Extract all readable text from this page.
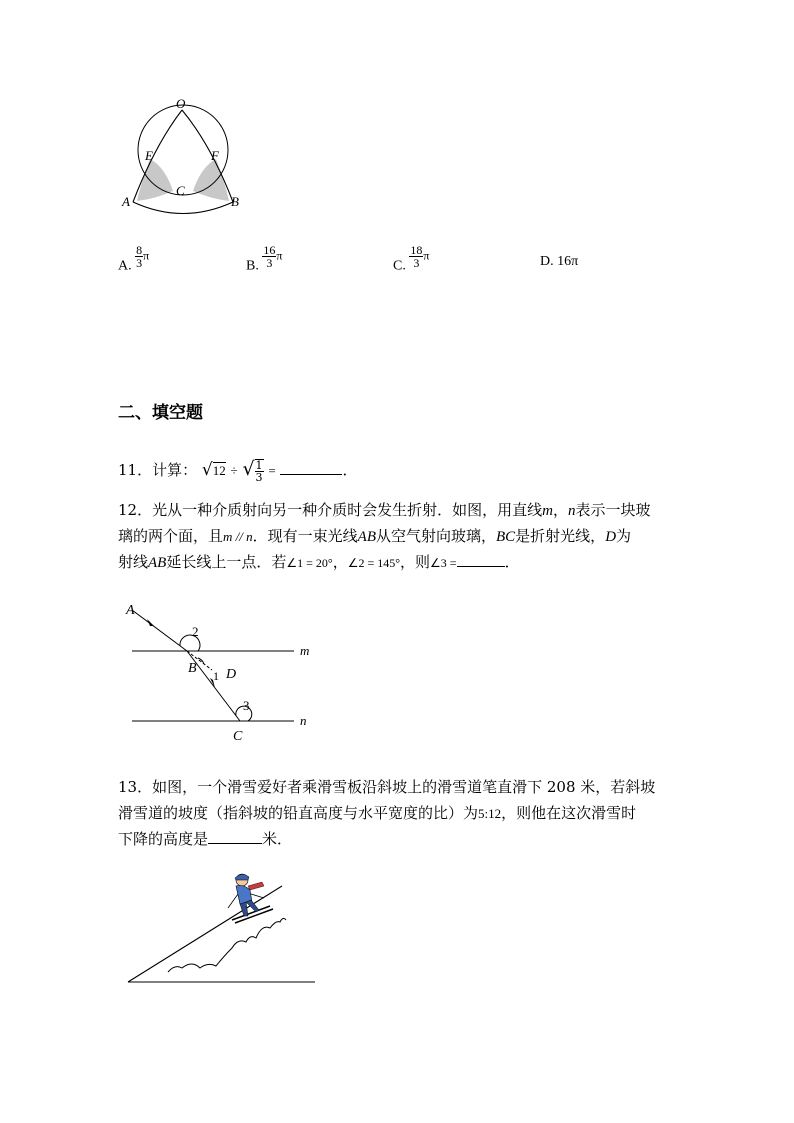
O
E	F
C
A	B
A. $\frac{8}{3}$ π
B. $\frac{16}{3}$ π
C. $\frac{18}{3}$ π	D. 16π
二、填空题
11．计算： √12 ÷ √ $\frac{1}{3}$ =	．
12．光从一种介质射向另一种介质时会发生折射．如图，用直线m，n表示一块玻
璃的两个面，且m // n．现有一束光线AB从空气射向玻璃，BC是折射光线，D为
射线AB延长线上一点．若∠1 = 20°，∠2 = 145°，则∠3 =	．
A
2
m
B 1 D
3
n
C
13．如图，一个滑雪爱好者乘滑雪板沿斜坡上的滑雪道笔直滑下 208 米，若斜坡
滑雪道的坡度（指斜坡的铅直高度与水平宽度的比）为5:12，则他在这次滑雪时
下降的高度是	米．
